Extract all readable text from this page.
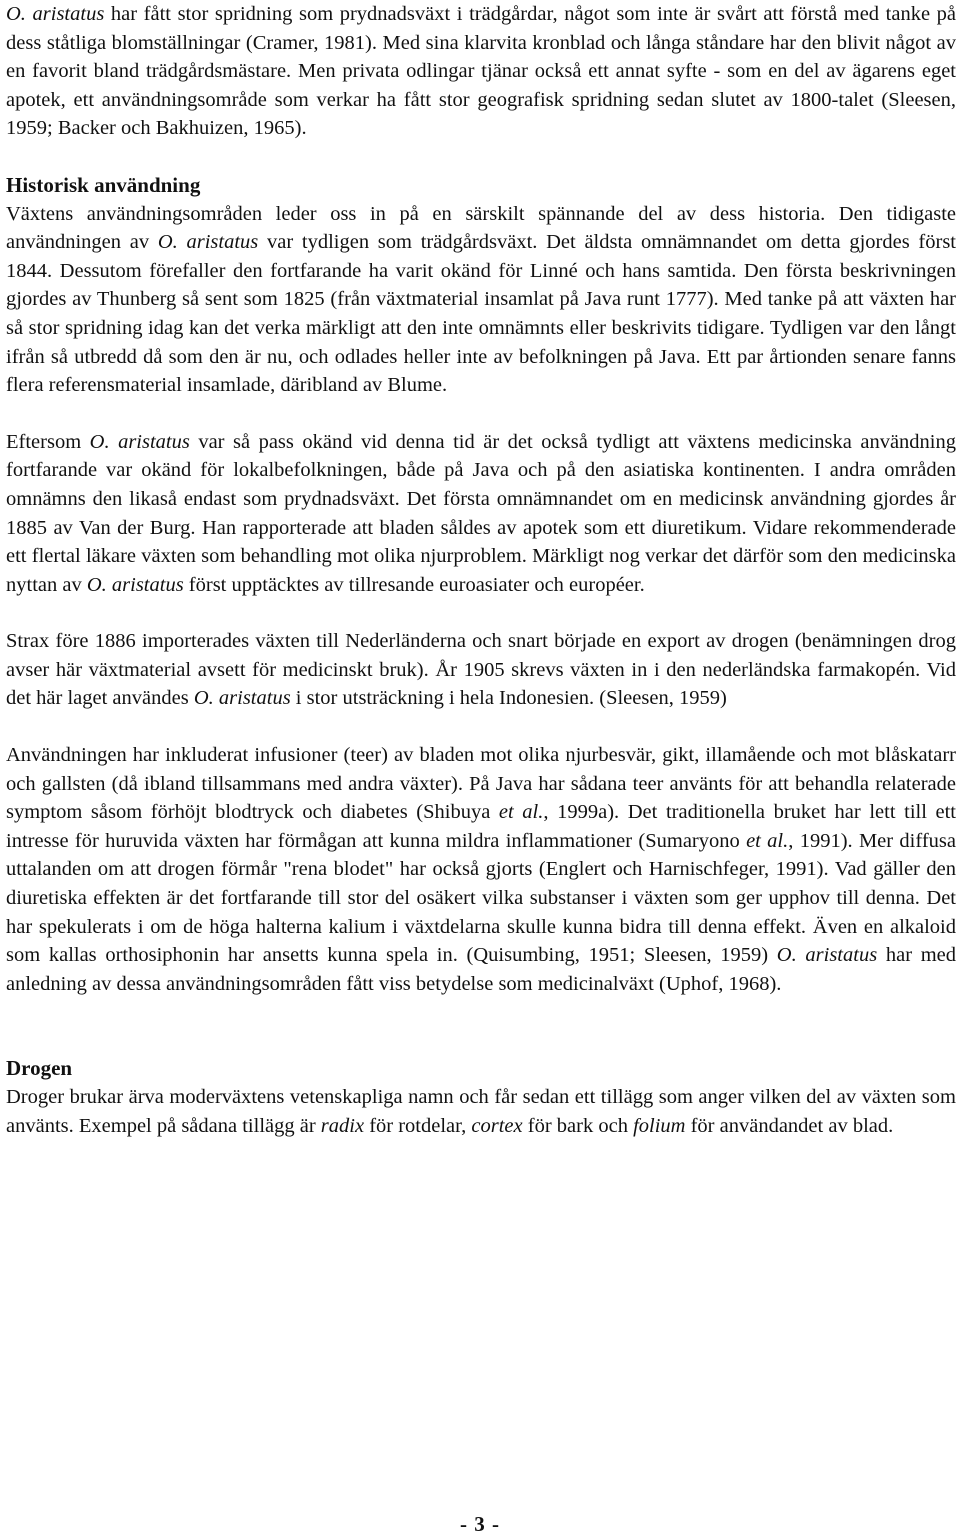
O. aristatus har fått stor spridning som prydnadsväxt i trädgårdar, något som inte är svårt att förstå med tanke på dess ståtliga blomställningar (Cramer, 1981). Med sina klarvita kronblad och långa ståndare har den blivit något av en favorit bland trädgårdsmästare. Men privata odlingar tjänar också ett annat syfte - som en del av ägarens eget apotek, ett användningsområde som verkar ha fått stor geografisk spridning sedan slutet av 1800-talet (Sleesen, 1959; Backer och Bakhuizen, 1965).

Historisk användning

Växtens användningsområden leder oss in på en särskilt spännande del av dess historia. Den tidigaste användningen av O. aristatus var tydligen som trädgårdsväxt. Det äldsta omnämnandet om detta gjordes först 1844. Dessutom förefaller den fortfarande ha varit okänd för Linné och hans samtida. Den första beskrivningen gjordes av Thunberg så sent som 1825 (från växtmaterial insamlat på Java runt 1777). Med tanke på att växten har så stor spridning idag kan det verka märkligt att den inte omnämnts eller beskrivits tidigare. Tydligen var den långt ifrån så utbredd då som den är nu, och odlades heller inte av befolkningen på Java. Ett par årtionden senare fanns flera referensmaterial insamlade, däribland av Blume.

Eftersom O. aristatus var så pass okänd vid denna tid är det också tydligt att växtens medicinska användning fortfarande var okänd för lokalbefolkningen, både på Java och på den asiatiska kontinenten. I andra områden omnämns den likaså endast som prydnadsväxt. Det första omnämnandet om en medicinsk användning gjordes år 1885 av Van der Burg. Han rapporterade att bladen såldes av apotek som ett diuretikum. Vidare rekommenderade ett flertal läkare växten som behandling mot olika njurproblem. Märkligt nog verkar det därför som den medicinska nyttan av O. aristatus först upptäcktes av tillresande euroasiater och européer.

Strax före 1886 importerades växten till Nederländerna och snart började en export av drogen (benämningen drog avser här växtmaterial avsett för medicinskt bruk). År 1905 skrevs växten in i den nederländska farmakopén. Vid det här laget användes O. aristatus i stor utsträckning i hela Indonesien. (Sleesen, 1959)

Användningen har inkluderat infusioner (teer) av bladen mot olika njurbesvär, gikt, illamående och mot blåskatarr och gallsten (då ibland tillsammans med andra växter). På Java har sådana teer använts för att behandla relaterade symptom såsom förhöjt blodtryck och diabetes (Shibuya et al., 1999a). Det traditionella bruket har lett till ett intresse för huruvida växten har förmågan att kunna mildra inflammationer (Sumaryono et al., 1991). Mer diffusa uttalanden om att drogen förmår "rena blodet" har också gjorts (Englert och Harnischfeger, 1991). Vad gäller den diuretiska effekten är det fortfarande till stor del osäkert vilka substanser i växten som ger upphov till denna. Det har spekulerats i om de höga halterna kalium i växtdelarna skulle kunna bidra till denna effekt. Även en alkaloid som kallas orthosiphonin har ansetts kunna spela in. (Quisumbing, 1951; Sleesen, 1959) O. aristatus har med anledning av dessa användningsområden fått viss betydelse som medicinalväxt (Uphof, 1968).

Drogen

Droger brukar ärva moderväxtens vetenskapliga namn och får sedan ett tillägg som anger vilken del av växten som använts. Exempel på sådana tillägg är radix för rotdelar, cortex för bark och folium för användandet av blad.

- 3 -
